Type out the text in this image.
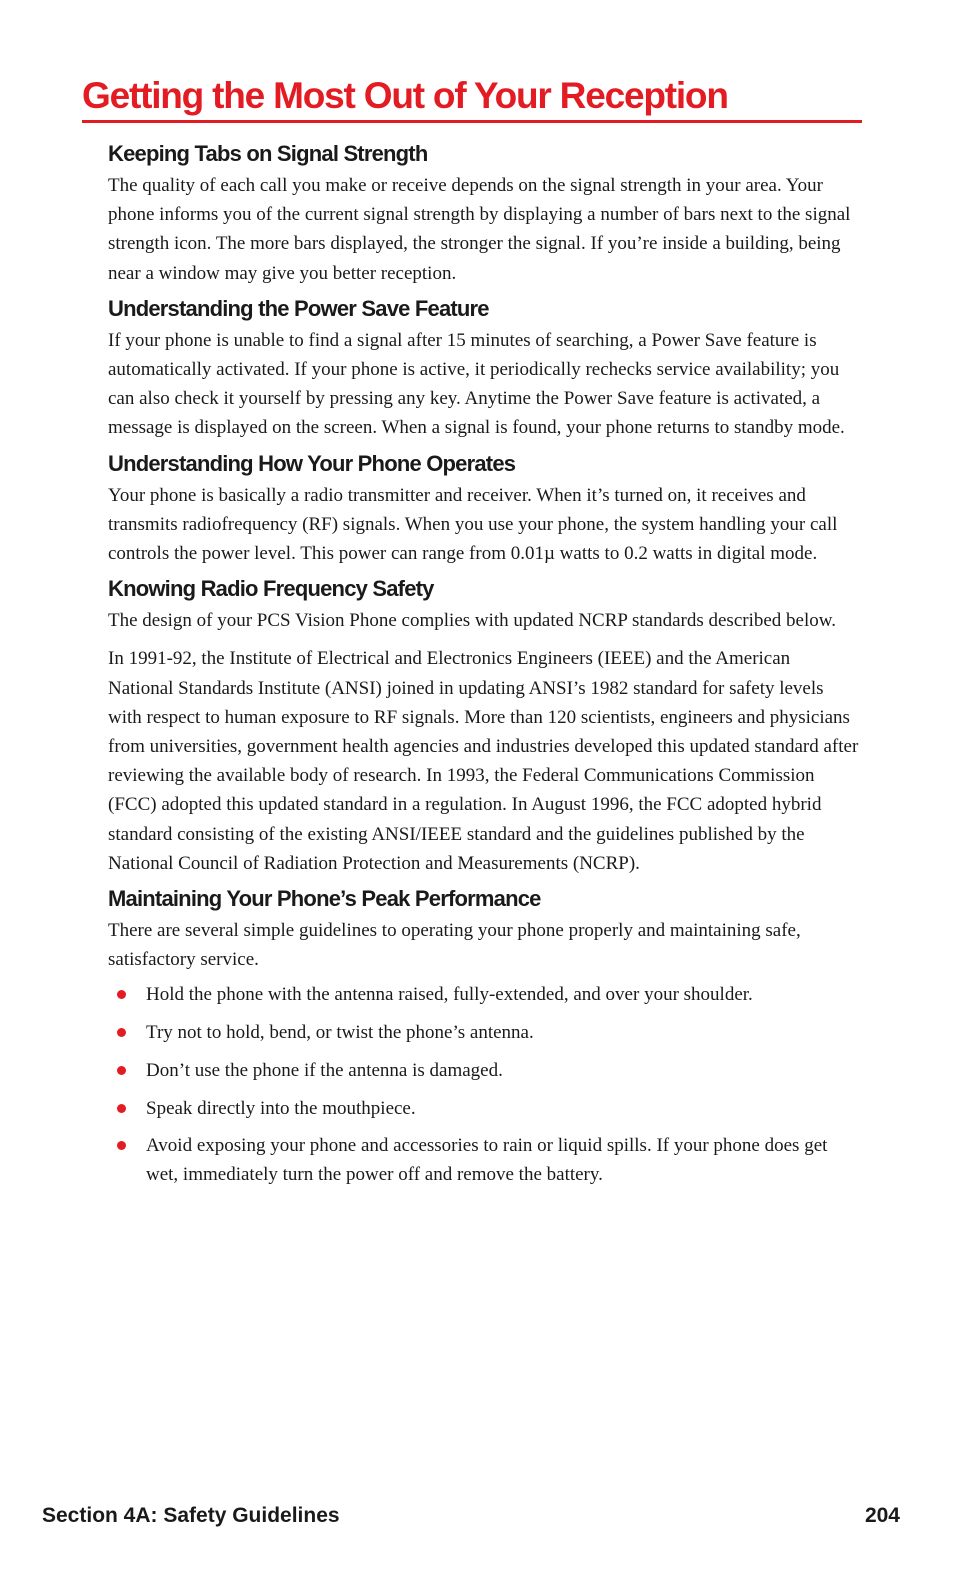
Getting the Most Out of Your Reception
Keeping Tabs on Signal Strength

The quality of each call you make or receive depends on the signal strength in your area. Your phone informs you of the current signal strength by displaying a number of bars next to the signal strength icon. The more bars displayed, the stronger the signal. If you’re inside a building, being near a window may give you better reception.

Understanding the Power Save Feature

If your phone is unable to find a signal after 15 minutes of searching, a Power Save feature is automatically activated. If your phone is active, it periodically rechecks service availability; you can also check it yourself by pressing any key. Anytime the Power Save feature is activated, a message is displayed on the screen. When a signal is found, your phone returns to standby mode.

Understanding How Your Phone Operates

Your phone is basically a radio transmitter and receiver. When it’s turned on, it receives and transmits radiofrequency (RF) signals. When you use your phone, the system handling your call controls the power level. This power can range from 0.01µ watts to 0.2 watts in digital mode.

Knowing Radio Frequency Safety

The design of your PCS Vision Phone complies with updated NCRP standards described below.

In 1991-92, the Institute of Electrical and Electronics Engineers (IEEE) and the American National Standards Institute (ANSI) joined in updating ANSI’s 1982 standard for safety levels with respect to human exposure to RF signals. More than 120 scientists, engineers and physicians from universities, government health agencies and industries developed this updated standard after reviewing the available body of research. In 1993, the Federal Communications Commission (FCC) adopted this updated standard in a regulation. In August 1996, the FCC adopted hybrid standard consisting of the existing ANSI/IEEE standard and the guidelines published by the National Council of Radiation Protection and Measurements (NCRP).

Maintaining Your Phone’s Peak Performance

There are several simple guidelines to operating your phone properly and maintaining safe, satisfactory service.

Hold the phone with the antenna raised, fully-extended, and over your shoulder.
Try not to hold, bend, or twist the phone’s antenna.
Don’t use the phone if the antenna is damaged.
Speak directly into the mouthpiece.
Avoid exposing your phone and accessories to rain or liquid spills. If your phone does get wet, immediately turn the power off and remove the battery.
Section 4A: Safety Guidelines	204
